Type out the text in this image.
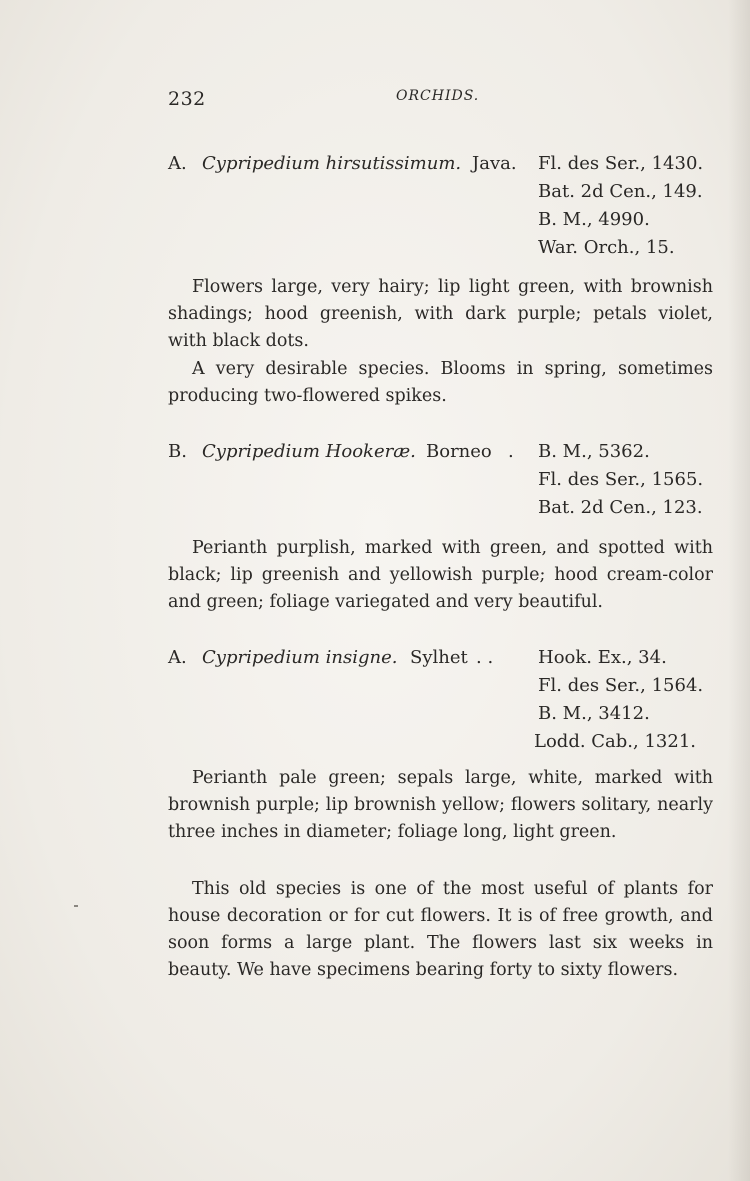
232	ORCHIDS.
A. Cypripedium hirsutissimum. Java. Fl. des Ser., 1430.
Bat. 2d Cen., 149.
B. M., 4990.
War. Orch., 15.

Flowers large, very hairy; lip light green, with brownish shadings; hood greenish, with dark purple; petals violet, with black dots.

A very desirable species. Blooms in spring, sometimes producing two-flowered spikes.

B. Cypripedium Hookeræ. Borneo . B. M., 5362.
Fl. des Ser., 1565.
Bat. 2d Cen., 123.

Perianth purplish, marked with green, and spotted with black; lip greenish and yellowish purple; hood cream-color and green; foliage variegated and very beautiful.

A. Cypripedium insigne. Sylhet . . Hook. Ex., 34.
Fl. des Ser., 1564.
B. M., 3412.
Lodd. Cab., 1321.

Perianth pale green; sepals large, white, marked with brownish purple; lip brownish yellow; flowers solitary, nearly three inches in diameter; foliage long, light green.

This old species is one of the most useful of plants for house decoration or for cut flowers. It is of free growth, and soon forms a large plant. The flowers last six weeks in beauty. We have specimens bearing forty to sixty flowers.
